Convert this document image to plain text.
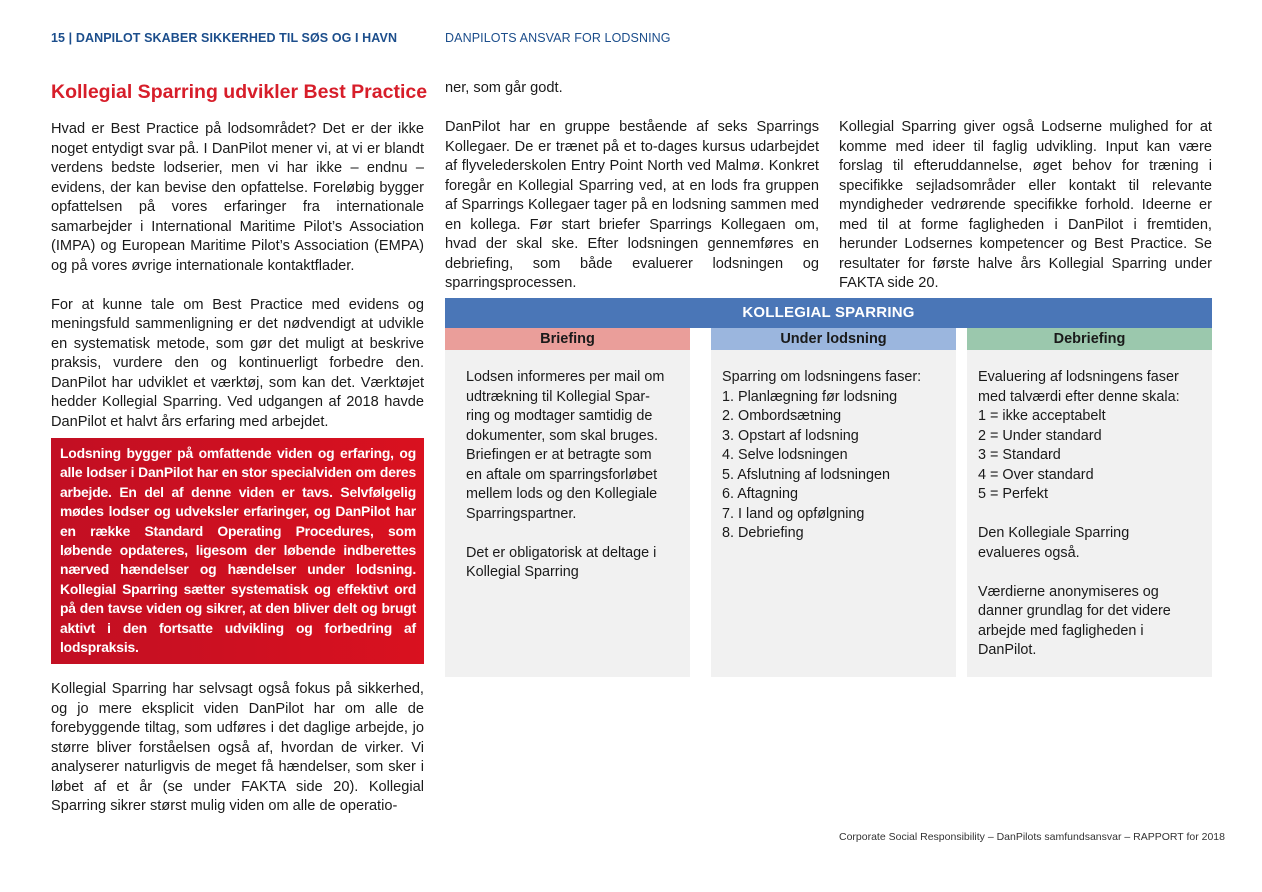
15 | DANPILOT SKABER SIKKERHED TIL SØS OG I HAVN	DANPILOTS ANSVAR FOR LODSNING
Kollegial Sparring udvikler Best Practice

Hvad er Best Practice på lodsområdet? Det er der ikke noget entydigt svar på. I DanPilot mener vi, at vi er blandt verdens bedste lodserier, men vi har ikke – endnu – evidens, der kan bevise den opfattelse. Foreløbig bygger opfattelsen på vores erfaringer fra internationale samarbejder i International Maritime Pilot’s Association (IMPA) og European Maritime Pilot’s Association (EMPA) og på vores øvrige internationale kontaktflader.

For at kunne tale om Best Practice med evidens og meningsfuld sammenligning er det nødvendigt at udvikle en systematisk metode, som gør det muligt at beskrive praksis, vurdere den og kontinuerligt forbedre den. DanPilot har udviklet et værktøj, som kan det. Værktøjet hedder Kollegial Sparring. Ved udgangen af 2018 havde DanPilot et halvt års erfaring med arbejdet.

Lodsning bygger på omfattende viden og erfaring, og alle lodser i DanPilot har en stor specialviden om deres arbejde. En del af denne viden er tavs. Selvfølgelig mødes lodser og udveksler erfaringer, og DanPilot har en række Standard Operating Procedures, som løbende opdateres, ligesom der løbende indberettes nærved hændelser og hændelser under lodsning. Kollegial Sparring sætter systematisk og effektivt ord på den tavse viden og sikrer, at den bliver delt og brugt aktivt i den fortsatte udvikling og forbedring af lodspraksis.

Kollegial Sparring har selvsagt også fokus på sikkerhed, og jo mere eksplicit viden DanPilot har om alle de forebyggende tiltag, som udføres i det daglige arbejde, jo større bliver forståelsen også af, hvordan de virker. Vi analyserer naturligvis de meget få hændelser, som sker i løbet af et år (se under FAKTA side 20). Kollegial Sparring sikrer størst mulig viden om alle de operatio-

ner, som går godt.

DanPilot har en gruppe bestående af seks Sparrings Kollegaer. De er trænet på et to-dages kursus udarbejdet af flyvelederskolen Entry Point North ved Malmø. Konkret foregår en Kollegial Sparring ved, at en lods fra gruppen af Sparrings Kollegaer tager på en lodsning sammen med en kollega. Før start briefer Sparrings Kollegaen om, hvad der skal ske. Efter lodsningen gennemføres en debriefing, som både evaluerer lodsningen og sparringsprocessen.

Kollegial Sparring giver også Lodserne mulighed for at komme med ideer til faglig udvikling. Input kan være forslag til efteruddannelse, øget behov for træning i specifikke sejladsområder eller kontakt til relevante myndigheder vedrørende specifikke forhold. Ideerne er med til at forme fagligheden i DanPilot i fremtiden, herunder Lodsernes kompetencer og Best Practice. Se resultater for første halve års Kollegial Sparring under FAKTA side 20.

KOLLEGIAL SPARRING
Briefing
Lodsen informeres per mail om
udtrækning til Kollegial Spar-
ring og modtager samtidig de
dokumenter, som skal bruges.
Briefingen er at betragte som
en aftale om sparringsforløbet
mellem lods og den Kollegiale
Sparringspartner.
Det er obligatorisk at deltage i
Kollegial Sparring
Under lodsning
Sparring om lodsningens faser:
1. Planlægning før lodsning
2. Ombordsætning
3. Opstart af lodsning
4. Selve lodsningen
5. Afslutning af lodsningen
6. Aftagning
7. I land og opfølgning
8. Debriefing
Debriefing
Evaluering af lodsningens faser
med talværdi efter denne skala:
1 = ikke acceptabelt
2 = Under standard
3 = Standard
4 = Over standard
5 = Perfekt
Den Kollegiale Sparring
evalueres også.
Værdierne anonymiseres og
danner grundlag for det videre
arbejde med fagligheden i
DanPilot.
Corporate Social Responsibility – DanPilots samfundsansvar – RAPPORT for 2018
